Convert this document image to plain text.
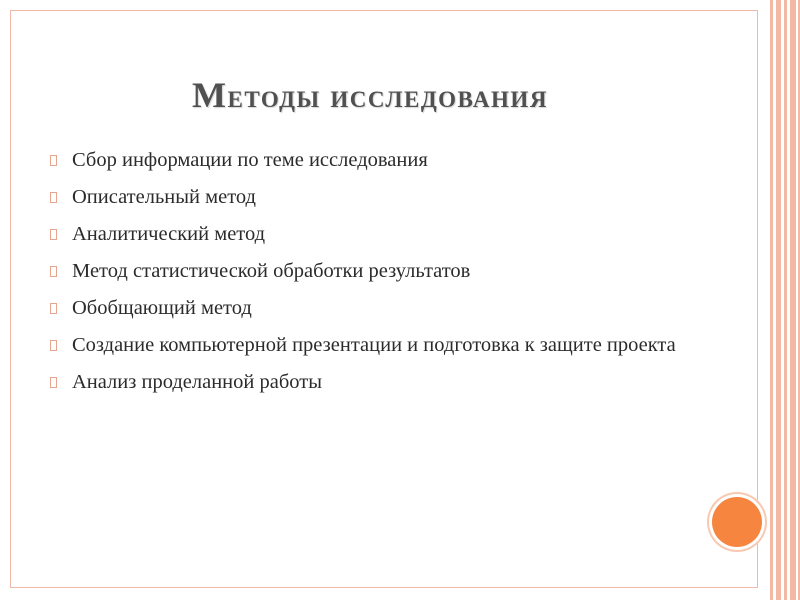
Методы исследования
Сбор информации по теме исследования
Описательный метод
Аналитический метод
Метод статистической обработки результатов
Обобщающий метод
Создание компьютерной презентации и подготовка к защите проекта
Анализ проделанной работы
